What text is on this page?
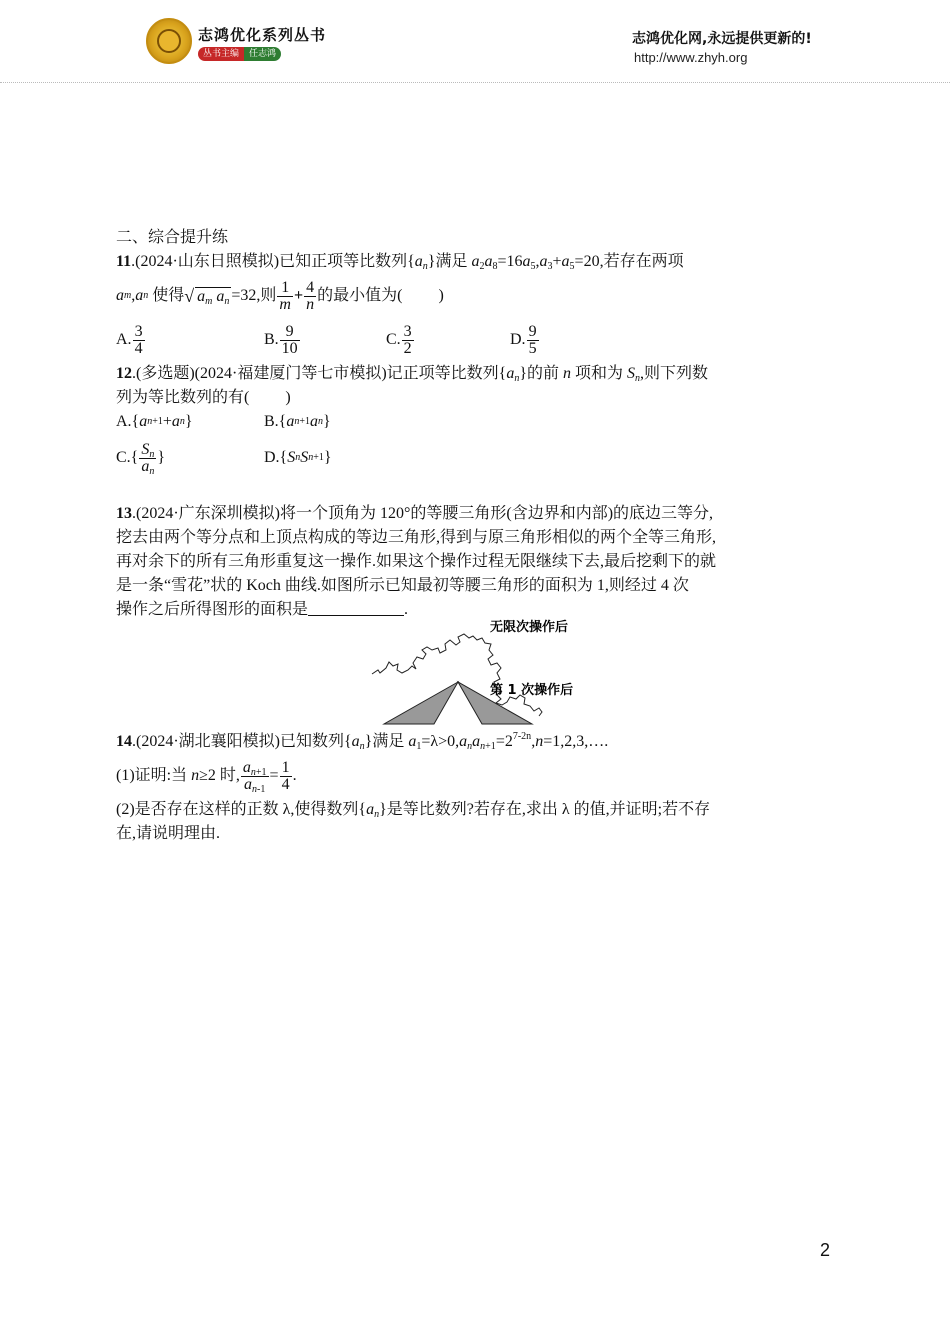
志鸿优化系列丛书
丛书主编	任志鸿
志鸿优化网,永远提供更新的!
http://www.zhyh.org
二、综合提升练
11.(2024·山东日照模拟)已知正项等比数列$\{a_n\}$满足 $a_2a_8=16a_5,a_3+a_5=20$,若存在两项
a m , a n
使得 √ $a_m$ $a_n =32$,则 $\frac{1}{m} + \frac{4}{n}$ 的最小值为( )
A. $\frac{3}{4}$	B. $\frac{9}{10}$	C. $\frac{3}{2}$	D. $\frac{9}{5}$
12.(多选题)(2024·福建厦门等七市模拟)记正项等比数列$\{a_n\}$的前 n 项和为 $S_n$,则下列数
列为等比数列的有( )
A.{ a n+1 + a n }	B.{ a n+1 a n }
$C.\{ \frac{S_n}{a_n}$ }	D.{ S n S n+1 }
13.(2024·广东深圳模拟)将一个顶角为 120°的等腰三角形(含边界和内部)的底边三等分,
挖去由两个等分点和上顶点构成的等边三角形,得到与原三角形相似的两个全等三角形,
再对余下的所有三角形重复这一操作.如果这个操作过程无限继续下去,最后挖剩下的就
是一条“雪花”状的 Koch 曲线.如图所示已知最初等腰三角形的面积为 1,则经过 4 次
操作之后所得图形的面积是	.
无限次操作后
第 1 次操作后
14.(2024·湖北襄阳模拟)已知数列$\{a_n\}$满足 $a_1=\lambda>0,a_na_{n+1}=2^{7-2n},n=1,2,3,\dots$.
(1)证明:当
n ≥2 时, $\frac{a_{n+1}}{a_{n-1}} = \frac{1}{4}$ .
(2)是否存在这样的正数 λ,使得数列$\{a_n\}$是等比数列?若存在,求出 λ 的值,并证明;若不存
在,请说明理由.
2
